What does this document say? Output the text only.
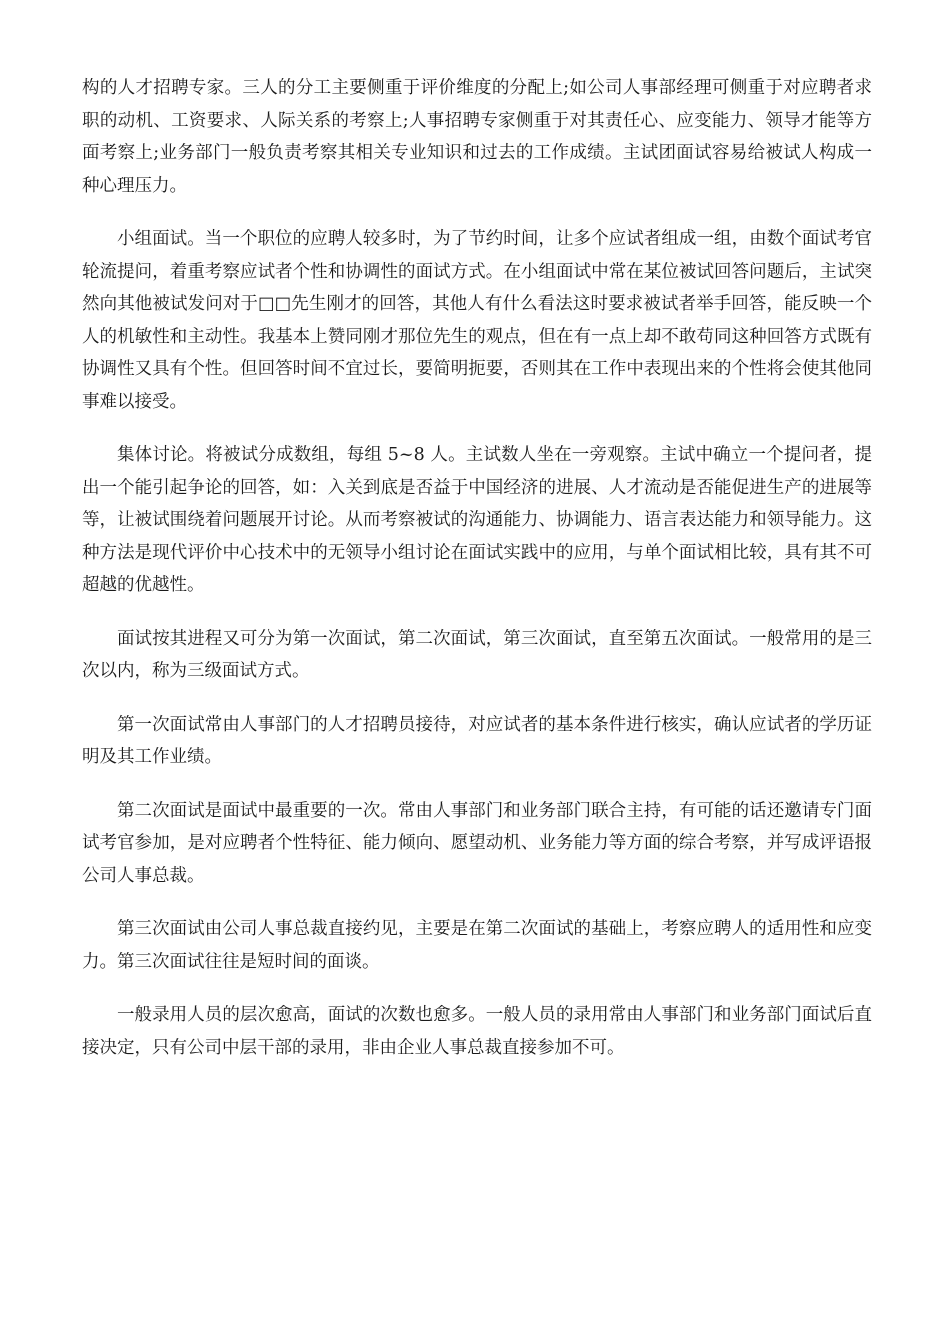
构的人才招聘专家。三人的分工主要侧重于评价维度的分配上;如公司人事部经理可侧重于对应聘者求职的动机、工资要求、人际关系的考察上;人事招聘专家侧重于对其责任心、应变能力、领导才能等方面考察上;业务部门一般负责考察其相关专业知识和过去的工作成绩。主试团面试容易给被试人构成一种心理压力。

小组面试。当一个职位的应聘人较多时，为了节约时间，让多个应试者组成一组，由数个面试考官轮流提问，着重考察应试者个性和协调性的面试方式。在小组面试中常在某位被试回答问题后，主试突然向其他被试发问对于□□先生刚才的回答，其他人有什么看法这时要求被试者举手回答，能反映一个人的机敏性和主动性。我基本上赞同刚才那位先生的观点，但在有一点上却不敢苟同这种回答方式既有协调性又具有个性。但回答时间不宜过长，要简明扼要，否则其在工作中表现出来的个性将会使其他同事难以接受。

集体讨论。将被试分成数组，每组 5~8 人。主试数人坐在一旁观察。主试中确立一个提问者，提出一个能引起争论的回答，如：入关到底是否益于中国经济的进展、人才流动是否能促进生产的进展等等，让被试围绕着问题展开讨论。从而考察被试的沟通能力、协调能力、语言表达能力和领导能力。这种方法是现代评价中心技术中的无领导小组讨论在面试实践中的应用，与单个面试相比较，具有其不可超越的优越性。

面试按其进程又可分为第一次面试，第二次面试，第三次面试，直至第五次面试。一般常用的是三次以内，称为三级面试方式。

第一次面试常由人事部门的人才招聘员接待，对应试者的基本条件进行核实，确认应试者的学历证明及其工作业绩。

第二次面试是面试中最重要的一次。常由人事部门和业务部门联合主持，有可能的话还邀请专门面试考官参加，是对应聘者个性特征、能力倾向、愿望动机、业务能力等方面的综合考察，并写成评语报公司人事总裁。

第三次面试由公司人事总裁直接约见，主要是在第二次面试的基础上，考察应聘人的适用性和应变力。第三次面试往往是短时间的面谈。

一般录用人员的层次愈高，面试的次数也愈多。一般人员的录用常由人事部门和业务部门面试后直接决定，只有公司中层干部的录用，非由企业人事总裁直接参加不可。
